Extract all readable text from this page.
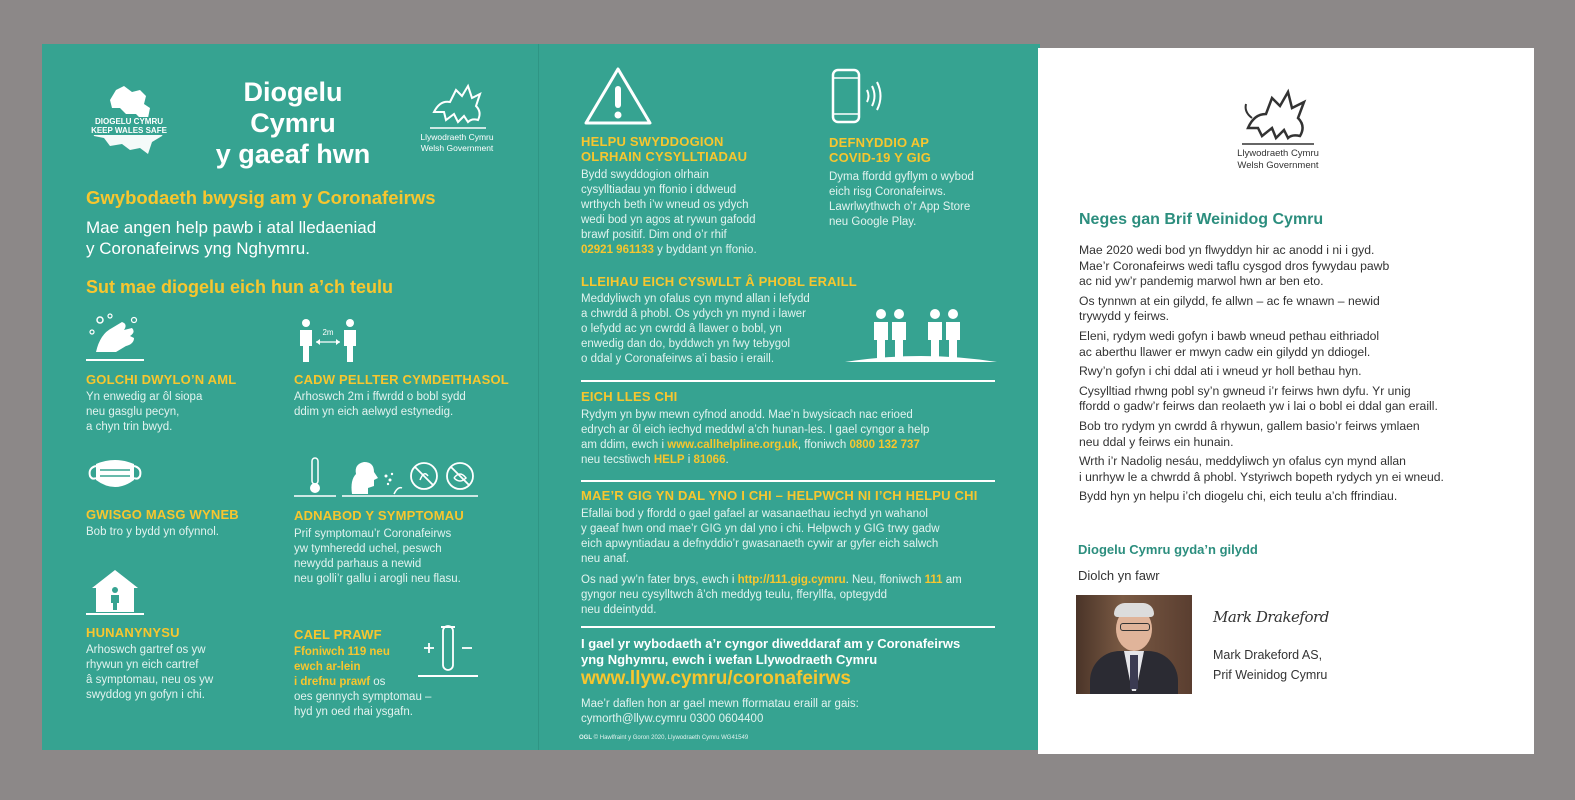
DIOGELU CYMRU
KEEP WALES SAFE
Diogelu
Cymru
y gaeaf hwn
Llywodraeth Cymru
Welsh Government
Gwybodaeth bwysig am y Coronafeirws
Mae angen help pawb i atal lledaeniad
y Coronafeirws yng Nghymru.
Sut mae diogelu eich hun a’ch teulu
GOLCHI DWYLO’N AML
Yn enwedig ar ôl siopa
neu gasglu pecyn,
a chyn trin bwyd.
2m
CADW PELLTER CYMDEITHASOL
Arhoswch 2m i ffwrdd o bobl sydd
ddim yn eich aelwyd estynedig.
GWISGO MASG WYNEB
Bob tro y bydd yn ofynnol.
ADNABOD Y SYMPTOMAU
Prif symptomau’r Coronafeirws
yw tymheredd uchel, peswch
newydd parhaus a newid
neu golli’r gallu i arogli neu flasu.
HUNANYNYSU
Arhoswch gartref os yw
rhywun yn eich cartref
â symptomau, neu os yw
swyddog yn gofyn i chi.
CAEL PRAWF
Ffoniwch 119 neu
ewch ar-lein
i drefnu prawf os
oes gennych symptomau –
hyd yn oed rhai ysgafn.
HELPU SWYDDOGION
OLRHAIN CYSYLLTIADAU
Bydd swyddogion olrhain
cysylltiadau yn ffonio i ddweud
wrthych beth i’w wneud os ydych
wedi bod yn agos at rywun gafodd
brawf positif. Dim ond o’r rhif
02921 961133 y byddant yn ffonio.
DEFNYDDIO AP
COVID-19 Y GIG
Dyma ffordd gyflym o wybod
eich risg Coronafeirws.
Lawrlwythwch o’r App Store
neu Google Play.
LLEIHAU EICH CYSWLLT Â PHOBL ERAILL
Meddyliwch yn ofalus cyn mynd allan i lefydd
a chwrdd â phobl. Os ydych yn mynd i lawer
o lefydd ac yn cwrdd â llawer o bobl, yn
enwedig dan do, byddwch yn fwy tebygol
o ddal y Coronafeirws a’i basio i eraill.
EICH LLES CHI
Rydym yn byw mewn cyfnod anodd. Mae’n bwysicach nac erioed
edrych ar ôl eich iechyd meddwl a’ch hunan-les. I gael cyngor a help
am ddim, ewch i www.callhelpline.org.uk, ffoniwch 0800 132 737
neu tecstiwch HELP i 81066.
MAE’R GIG YN DAL YNO I CHI – HELPWCH NI I’CH HELPU CHI
Efallai bod y ffordd o gael gafael ar wasanaethau iechyd yn wahanol
y gaeaf hwn ond mae’r GIG yn dal yno i chi. Helpwch y GIG trwy gadw
eich apwyntiadau a defnyddio’r gwasanaeth cywir ar gyfer eich salwch
neu anaf.
Os nad yw’n fater brys, ewch i http://111.gig.cymru. Neu, ffoniwch 111 am
gyngor neu cysylltwch â’ch meddyg teulu, fferyllfa, optegydd
neu ddeintydd.
I gael yr wybodaeth a’r cyngor diweddaraf am y Coronafeirws
yng Nghymru, ewch i wefan Llywodraeth Cymru
www.llyw.cymru/coronafeirws
Mae’r daflen hon ar gael mewn fformatau eraill ar gais:
cymorth@llyw.cymru 0300 0604400
OGL © Hawlfraint y Goron 2020, Llywodraeth Cymru WG41549
Llywodraeth Cymru
Welsh Government
Neges gan Brif Weinidog Cymru
Mae 2020 wedi bod yn flwyddyn hir ac anodd i ni i gyd.
Mae’r Coronafeirws wedi taflu cysgod dros fywydau pawb
ac nid yw’r pandemig marwol hwn ar ben eto.
Os tynnwn at ein gilydd, fe allwn – ac fe wnawn – newid
trywydd y feirws.
Eleni, rydym wedi gofyn i bawb wneud pethau eithriadol
ac aberthu llawer er mwyn cadw ein gilydd yn ddiogel.
Rwy’n gofyn i chi ddal ati i wneud yr holl bethau hyn.
Cysylltiad rhwng pobl sy’n gwneud i’r feirws hwn dyfu. Yr unig
ffordd o gadw’r feirws dan reolaeth yw i lai o bobl ei ddal gan eraill.
Bob tro rydym yn cwrdd â rhywun, gallem basio’r feirws ymlaen
neu ddal y feirws ein hunain.
Wrth i’r Nadolig nesáu, meddyliwch yn ofalus cyn mynd allan
i unrhyw le a chwrdd â phobl. Ystyriwch bopeth rydych yn ei wneud.
Bydd hyn yn helpu i’ch diogelu chi, eich teulu a’ch ffrindiau.
Diogelu Cymru gyda’n gilydd
Diolch yn fawr
Mark Drakeford
Mark Drakeford AS,
Prif Weinidog Cymru
